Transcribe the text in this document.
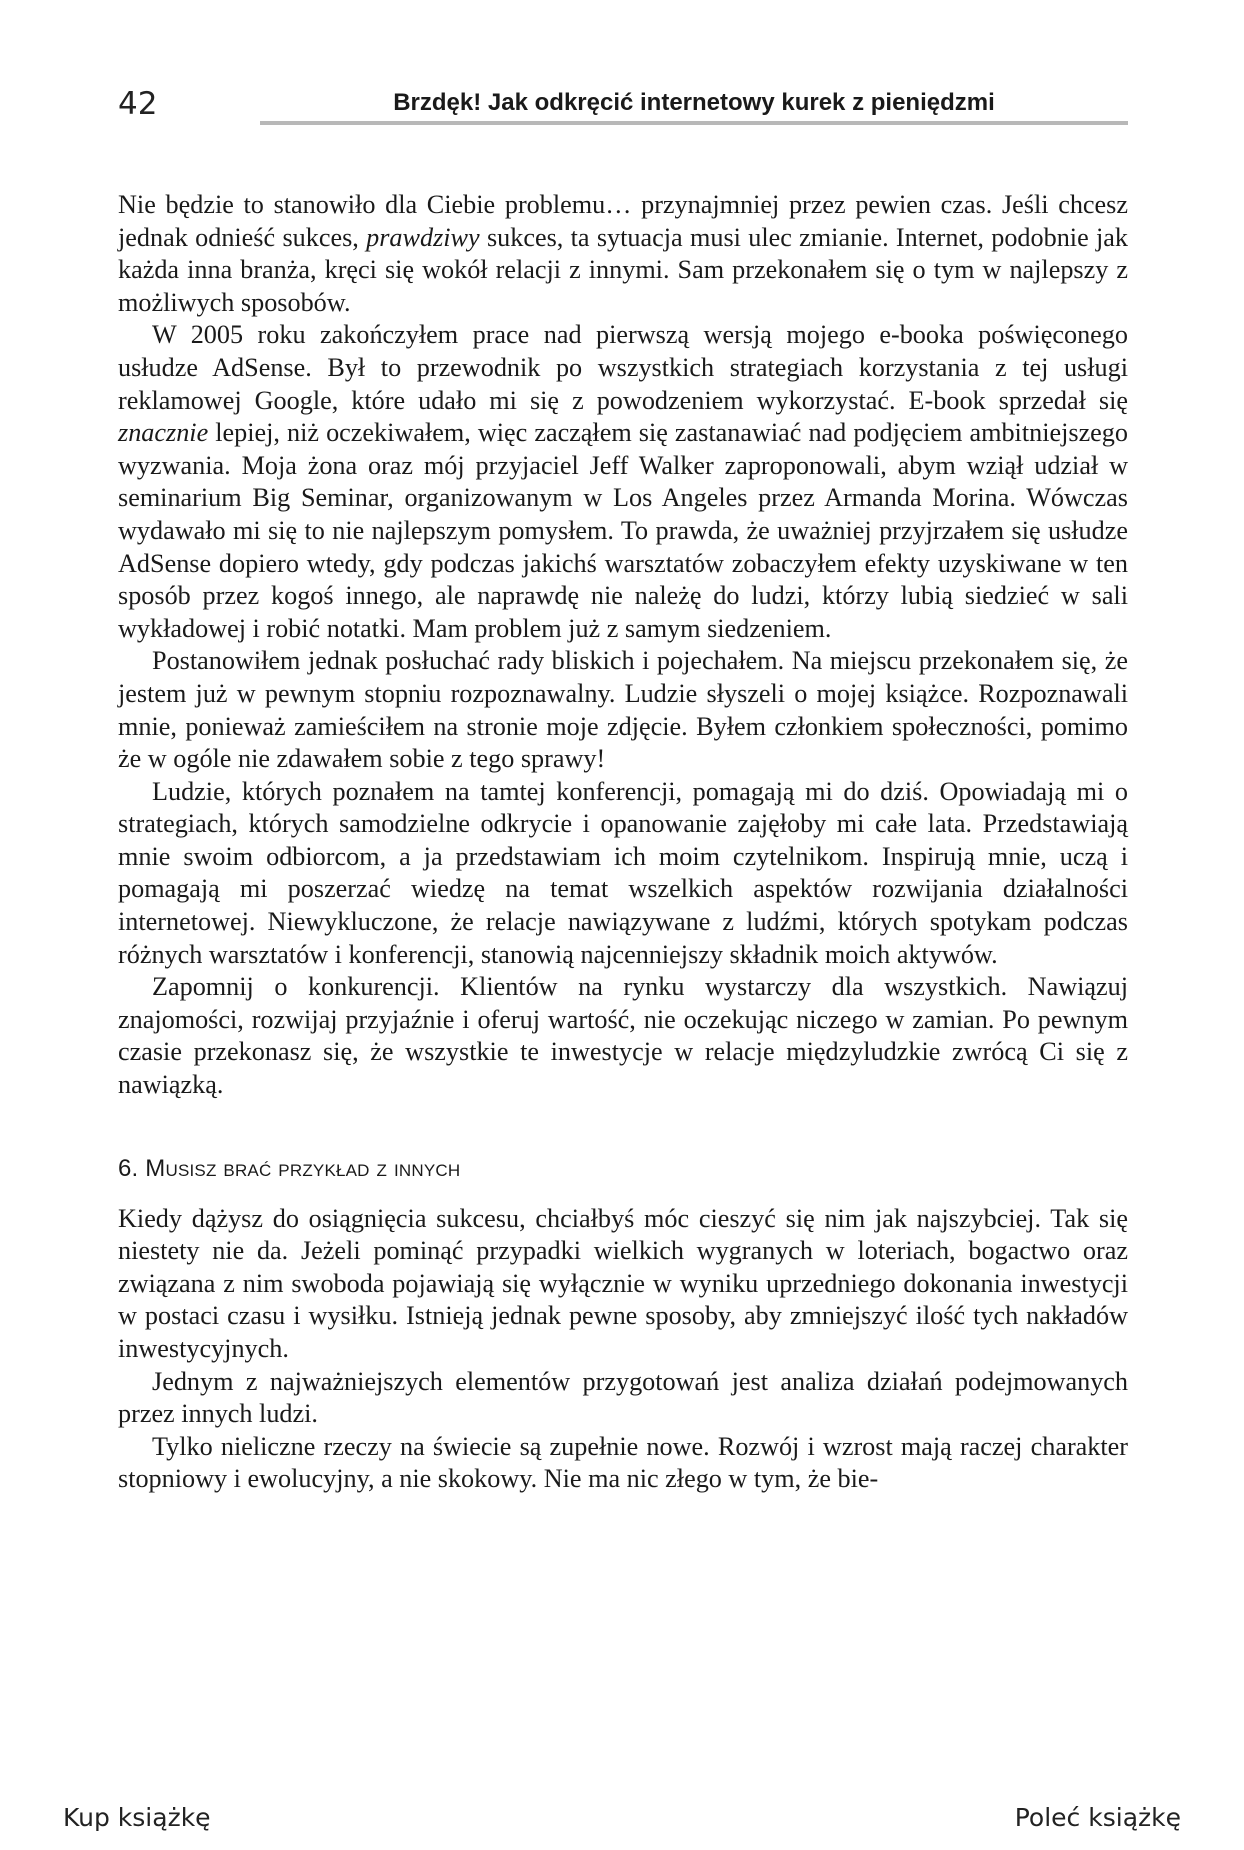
42	Brzdęk! Jak odkręcić internetowy kurek z pieniędzmi

Nie będzie to stanowiło dla Ciebie problemu… przynajmniej przez pewien czas. Jeśli chcesz jednak odnieść sukces, prawdziwy sukces, ta sytuacja musi ulec zmianie. Internet, podobnie jak każda inna branża, kręci się wokół relacji z innymi. Sam przekonałem się o tym w najlepszy z możliwych sposobów.

W 2005 roku zakończyłem prace nad pierwszą wersją mojego e-booka poświęconego usłudze AdSense. Był to przewodnik po wszystkich strategiach korzystania z tej usługi reklamowej Google, które udało mi się z powodzeniem wykorzystać. E-book sprzedał się znacznie lepiej, niż oczekiwałem, więc zacząłem się zastanawiać nad podjęciem ambitniejszego wyzwania. Moja żona oraz mój przyjaciel Jeff Walker zaproponowali, abym wziął udział w seminarium Big Seminar, organizowanym w Los Angeles przez Armanda Morina. Wówczas wydawało mi się to nie najlepszym pomysłem. To prawda, że uważniej przyjrzałem się usłudze AdSense dopiero wtedy, gdy podczas jakichś warsztatów zobaczyłem efekty uzyskiwane w ten sposób przez kogoś innego, ale naprawdę nie należę do ludzi, którzy lubią siedzieć w sali wykładowej i robić notatki. Mam problem już z samym siedzeniem.

Postanowiłem jednak posłuchać rady bliskich i pojechałem. Na miejscu przekonałem się, że jestem już w pewnym stopniu rozpoznawalny. Ludzie słyszeli o mojej książce. Rozpoznawali mnie, ponieważ zamieściłem na stronie moje zdjęcie. Byłem członkiem społeczności, pomimo że w ogóle nie zdawałem sobie z tego sprawy!

Ludzie, których poznałem na tamtej konferencji, pomagają mi do dziś. Opowiadają mi o strategiach, których samodzielne odkrycie i opanowanie zajęłoby mi całe lata. Przedstawiają mnie swoim odbiorcom, a ja przedstawiam ich moim czytelnikom. Inspirują mnie, uczą i pomagają mi poszerzać wiedzę na temat wszelkich aspektów rozwijania działalności internetowej. Niewykluczone, że relacje nawiązywane z ludźmi, których spotykam podczas różnych warsztatów i konferencji, stanowią najcenniejszy składnik moich aktywów.

Zapomnij o konkurencji. Klientów na rynku wystarczy dla wszystkich. Nawiązuj znajomości, rozwijaj przyjaźnie i oferuj wartość, nie oczekując niczego w zamian. Po pewnym czasie przekonasz się, że wszystkie te inwestycje w relacje międzyludzkie zwrócą Ci się z nawiązką.

6. Musisz brać przykład z innych

Kiedy dążysz do osiągnięcia sukcesu, chciałbyś móc cieszyć się nim jak najszybciej. Tak się niestety nie da. Jeżeli pominąć przypadki wielkich wygranych w loteriach, bogactwo oraz związana z nim swoboda pojawiają się wyłącznie w wyniku uprzedniego dokonania inwestycji w postaci czasu i wysiłku. Istnieją jednak pewne sposoby, aby zmniejszyć ilość tych nakładów inwestycyjnych.

Jednym z najważniejszych elementów przygotowań jest analiza działań podejmowanych przez innych ludzi.

Tylko nieliczne rzeczy na świecie są zupełnie nowe. Rozwój i wzrost mają raczej charakter stopniowy i ewolucyjny, a nie skokowy. Nie ma nic złego w tym, że bie-

Kup książkę	Poleć książkę
